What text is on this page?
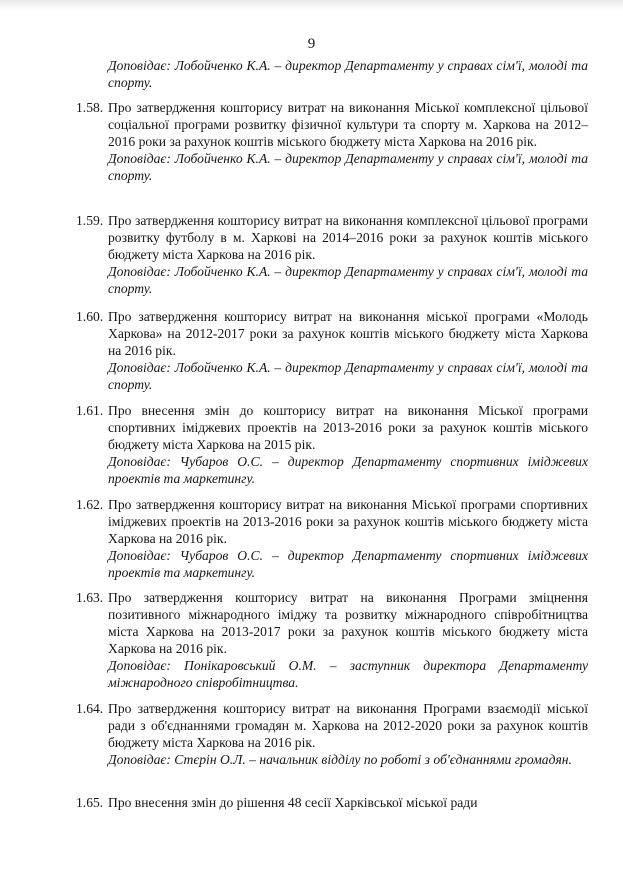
9
Доповідає: Лобойченко К.А. – директор Департаменту у справах сім'ї, молоді та спорту.
1.58. Про затвердження кошторису витрат на виконання Міської комплексної цільової соціальної програми розвитку фізичної культури та спорту м. Харкова на 2012–2016 роки за рахунок коштів міського бюджету міста Харкова на 2016 рік.
Доповідає: Лобойченко К.А. – директор Департаменту у справах сім'ї, молоді та спорту.
1.59. Про затвердження кошторису витрат на виконання комплексної цільової програми розвитку футболу в м. Харкові на 2014–2016 роки за рахунок коштів міського бюджету міста Харкова на 2016 рік.
Доповідає: Лобойченко К.А. – директор Департаменту у справах сім'ї, молоді та спорту.
1.60. Про затвердження кошторису витрат на виконання міської програми «Молодь Харкова» на 2012-2017 роки за рахунок коштів міського бюджету міста Харкова на 2016 рік.
Доповідає: Лобойченко К.А. – директор Департаменту у справах сім'ї, молоді та спорту.
1.61. Про внесення змін до кошторису витрат на виконання Міської програми спортивних іміджевих проектів на 2013-2016 роки за рахунок коштів міського бюджету міста Харкова на 2015 рік.
Доповідає: Чубаров О.С. – директор Департаменту спортивних іміджевих проектів та маркетингу.
1.62. Про затвердження кошторису витрат на виконання Міської програми спортивних іміджевих проектів на 2013-2016 роки за рахунок коштів міського бюджету міста Харкова на 2016 рік.
Доповідає: Чубаров О.С. – директор Департаменту спортивних іміджевих проектів та маркетингу.
1.63. Про затвердження кошторису витрат на виконання Програми зміцнення позитивного міжнародного іміджу та розвитку міжнародного співробітництва міста Харкова на 2013-2017 роки за рахунок коштів міського бюджету міста Харкова на 2016 рік.
Доповідає: Понікаровський О.М. – заступник директора Департаменту міжнародного співробітництва.
1.64. Про затвердження кошторису витрат на виконання Програми взаємодії міської ради з об'єднаннями громадян м. Харкова на 2012-2020 роки за рахунок коштів бюджету міста Харкова на 2016 рік.
Доповідає: Стєрін О.Л. – начальник відділу по роботі з об'єднаннями громадян.
1.65. Про внесення змін до рішення 48 сесії Харківської міської ради
